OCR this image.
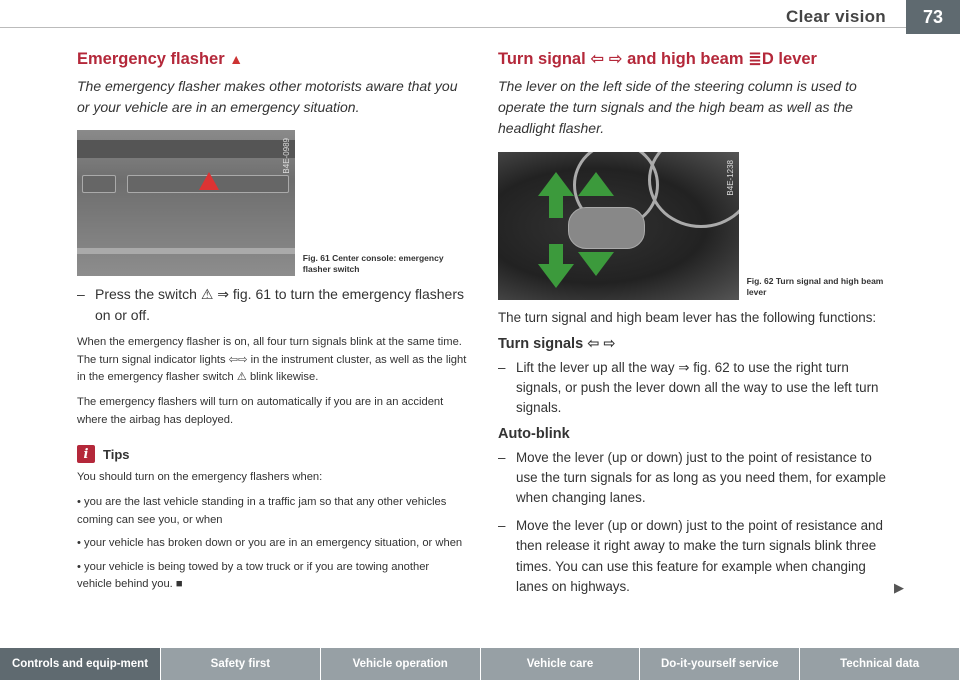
Clear vision	73
Emergency flasher ▲

The emergency flasher makes other motorists aware that you or your vehicle are in an emergency situation.

B4E-0989
Fig. 61 Center console: emergency flasher switch
– Press the switch ⚠ ⇒ fig. 61 to turn the emergency flashers on or off.

When the emergency flasher is on, all four turn signals blink at the same time. The turn signal indicator lights ⇦⇨ in the instrument cluster, as well as the light in the emergency flasher switch ⚠ blink likewise.

The emergency flashers will turn on automatically if you are in an accident where the airbag has deployed.

i	Tips

You should turn on the emergency flashers when:

• you are the last vehicle standing in a traffic jam so that any other vehicles coming can see you, or when
• your vehicle has broken down or you are in an emergency situation, or when
• your vehicle is being towed by a tow truck or if you are towing another vehicle behind you. ■
Turn signal ⇦ ⇨ and high beam ≣D lever

The lever on the left side of the steering column is used to operate the turn signals and the high beam as well as the headlight flasher.

B4E-1238
Fig. 62 Turn signal and high beam lever

The turn signal and high beam lever has the following functions:

Turn signals ⇦ ⇨
– Lift the lever up all the way ⇒ fig. 62 to use the right turn signals, or push the lever down all the way to use the left turn signals.
Auto-blink
– Move the lever (up or down) just to the point of resistance to use the turn signals for as long as you need them, for example when changing lanes.
– Move the lever (up or down) just to the point of resistance and then release it right away to make the turn signals blink three times. You can use this feature for example when changing lanes on highways.	▶
Controls and equip-ment	Safety first	Vehicle operation	Vehicle care	Do-it-yourself service	Technical data
